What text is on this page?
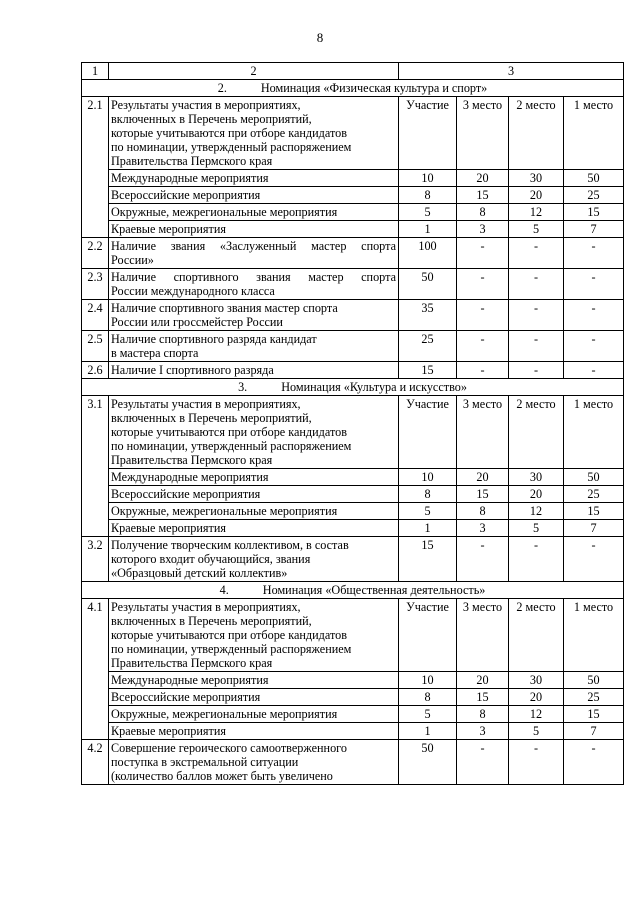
8
1	2	3			
2. Номинация «Физическая культура и спорт»					
2.1	Результаты участия в мероприятиях,
включенных в Перечень мероприятий,
которые учитываются при отборе кандидатов
по номинации, утвержденный распоряжением
Правительства Пермского края	Участие	3 место	2 место	1 место
	Международные мероприятия	10	20	30	50
	Всероссийские мероприятия	8	15	20	25
	Окружные, межрегиональные мероприятия	5	8	12	15
	Краевые мероприятия	1	3	5	7
2.2	Наличие звания «Заслуженный мастер спорта
России»	100	-	-	-
2.3	Наличие спортивного звания мастер спорта
России международного класса	50	-	-	-
2.4	Наличие спортивного звания мастер спорта
России или гроссмейстер России	35	-	-	-
2.5	Наличие спортивного разряда кандидат
в мастера спорта	25	-	-	-
2.6	Наличие I спортивного разряда	15	-	-	-
3. Номинация «Культура и искусство»					
3.1	Результаты участия в мероприятиях,
включенных в Перечень мероприятий,
которые учитываются при отборе кандидатов
по номинации, утвержденный распоряжением
Правительства Пермского края	Участие	3 место	2 место	1 место
	Международные мероприятия	10	20	30	50
	Всероссийские мероприятия	8	15	20	25
	Окружные, межрегиональные мероприятия	5	8	12	15
	Краевые мероприятия	1	3	5	7
3.2	Получение творческим коллективом, в состав
которого входит обучающийся, звания
«Образцовый детский коллектив»	15	-	-	-
4. Номинация «Общественная деятельность»					
4.1	Результаты участия в мероприятиях,
включенных в Перечень мероприятий,
которые учитываются при отборе кандидатов
по номинации, утвержденный распоряжением
Правительства Пермского края	Участие	3 место	2 место	1 место
	Международные мероприятия	10	20	30	50
	Всероссийские мероприятия	8	15	20	25
	Окружные, межрегиональные мероприятия	5	8	12	15
	Краевые мероприятия	1	3	5	7
4.2	Совершение героического самоотверженного
поступка в экстремальной ситуации
(количество баллов может быть увеличено	50	-	-	-
